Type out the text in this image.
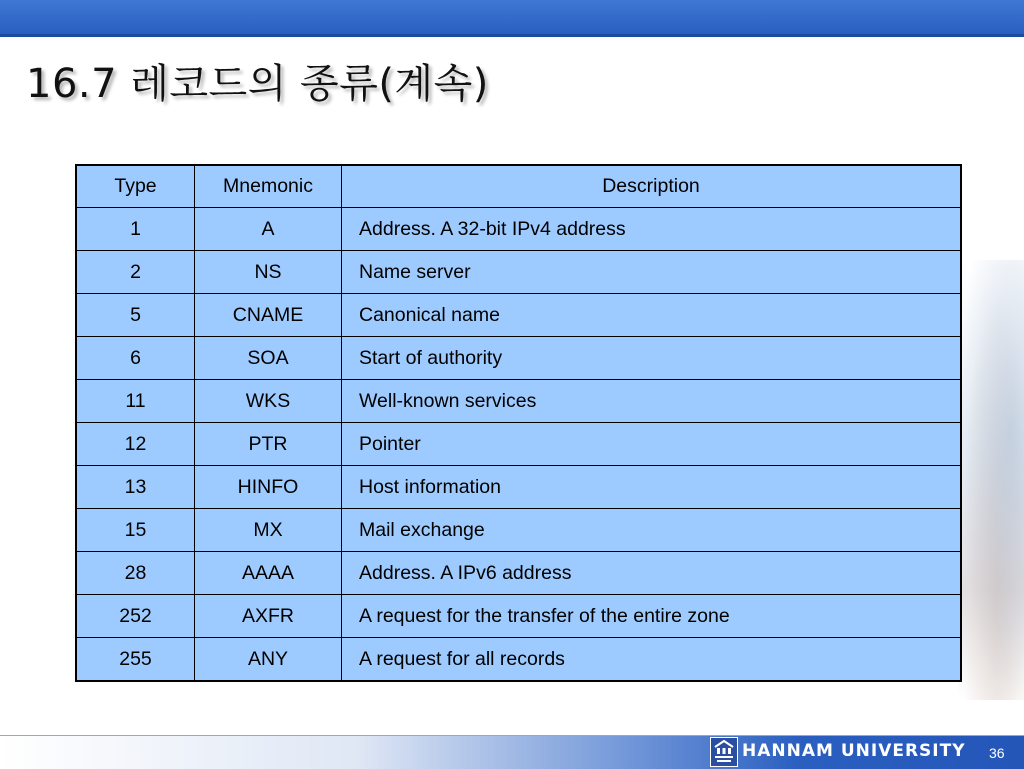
16.7 레코드의 종류(계속)
Type	Mnemonic	Description
1	A	Address. A 32-bit IPv4 address
2	NS	Name server
5	CNAME	Canonical name
6	SOA	Start of authority
11	WKS	Well-known services
12	PTR	Pointer
13	HINFO	Host information
15	MX	Mail exchange
28	AAAA	Address. A IPv6 address
252	AXFR	A request for the transfer of the entire zone
255	ANY	A request for all records
HANNAM UNIVERSITY 36
